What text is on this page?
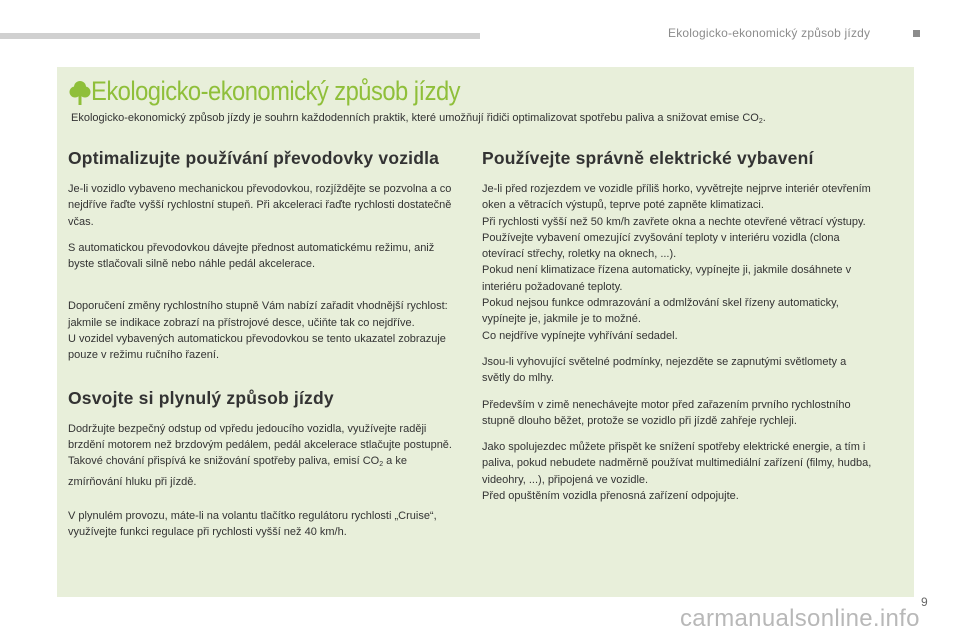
Ekologicko-ekonomický způsob jízdy
Ekologicko-ekonomický způsob jízdy
Ekologicko-ekonomický způsob jízdy je souhrn každodenních praktik, které umožňují řidiči optimalizovat spotřebu paliva a snižovat emise $CO_2$.
Optimalizujte používání převodovky vozidla

Je-li vozidlo vybaveno mechanickou převodovkou, rozjíždějte se pozvolna a co nejdříve řaďte vyšší rychlostní stupeň. Při akceleraci řaďte rychlosti dostatečně včas.

S automatickou převodovkou dávejte přednost automatickému režimu, aniž byste stlačovali silně nebo náhle pedál akcelerace.

Doporučení změny rychlostního stupně Vám nabízí zařadit vhodnější rychlost: jakmile se indikace zobrazí na přístrojové desce, učiňte tak co nejdříve.

U vozidel vybavených automatickou převodovkou se tento ukazatel zobrazuje pouze v režimu ručního řazení.

Osvojte si plynulý způsob jízdy

Dodržujte bezpečný odstup od vpředu jedoucího vozidla, využívejte raději brzdění motorem než brzdovým pedálem, pedál akcelerace stlačujte postupně. Takové chování přispívá ke snižování spotřeby paliva, emisí $CO_2$ a ke zmírňování hluku při jízdě.

V plynulém provozu, máte-li na volantu tlačítko regulátoru rychlosti „Cruise“, využívejte funkci regulace při rychlosti vyšší než 40 km/h.

Používejte správně elektrické vybavení

Je-li před rozjezdem ve vozidle příliš horko, vyvětrejte nejprve interiér otevřením oken a větracích výstupů, teprve poté zapněte klimatizaci.

Při rychlosti vyšší než 50 km/h zavřete okna a nechte otevřené větrací výstupy.

Používejte vybavení omezující zvyšování teploty v interiéru vozidla (clona otevírací střechy, roletky na oknech, ...).

Pokud není klimatizace řízena automaticky, vypínejte ji, jakmile dosáhnete v interiéru požadované teploty.

Pokud nejsou funkce odmrazování a odmlžování skel řízeny automaticky, vypínejte je, jakmile je to možné.

Co nejdříve vypínejte vyhřívání sedadel.

Jsou-li vyhovující světelné podmínky, nejezděte se zapnutými světlomety a světly do mlhy.

Především v zimě nenechávejte motor před zařazením prvního rychlostního stupně dlouho běžet, protože se vozidlo při jízdě zahřeje rychleji.

Jako spolujezdec můžete přispět ke snížení spotřeby elektrické energie, a tím i paliva, pokud nebudete nadměrně používat multimediální zařízení (filmy, hudba, videohry, ...), připojená ve vozidle.

Před opuštěním vozidla přenosná zařízení odpojujte.

9
carmanualsonline.info
